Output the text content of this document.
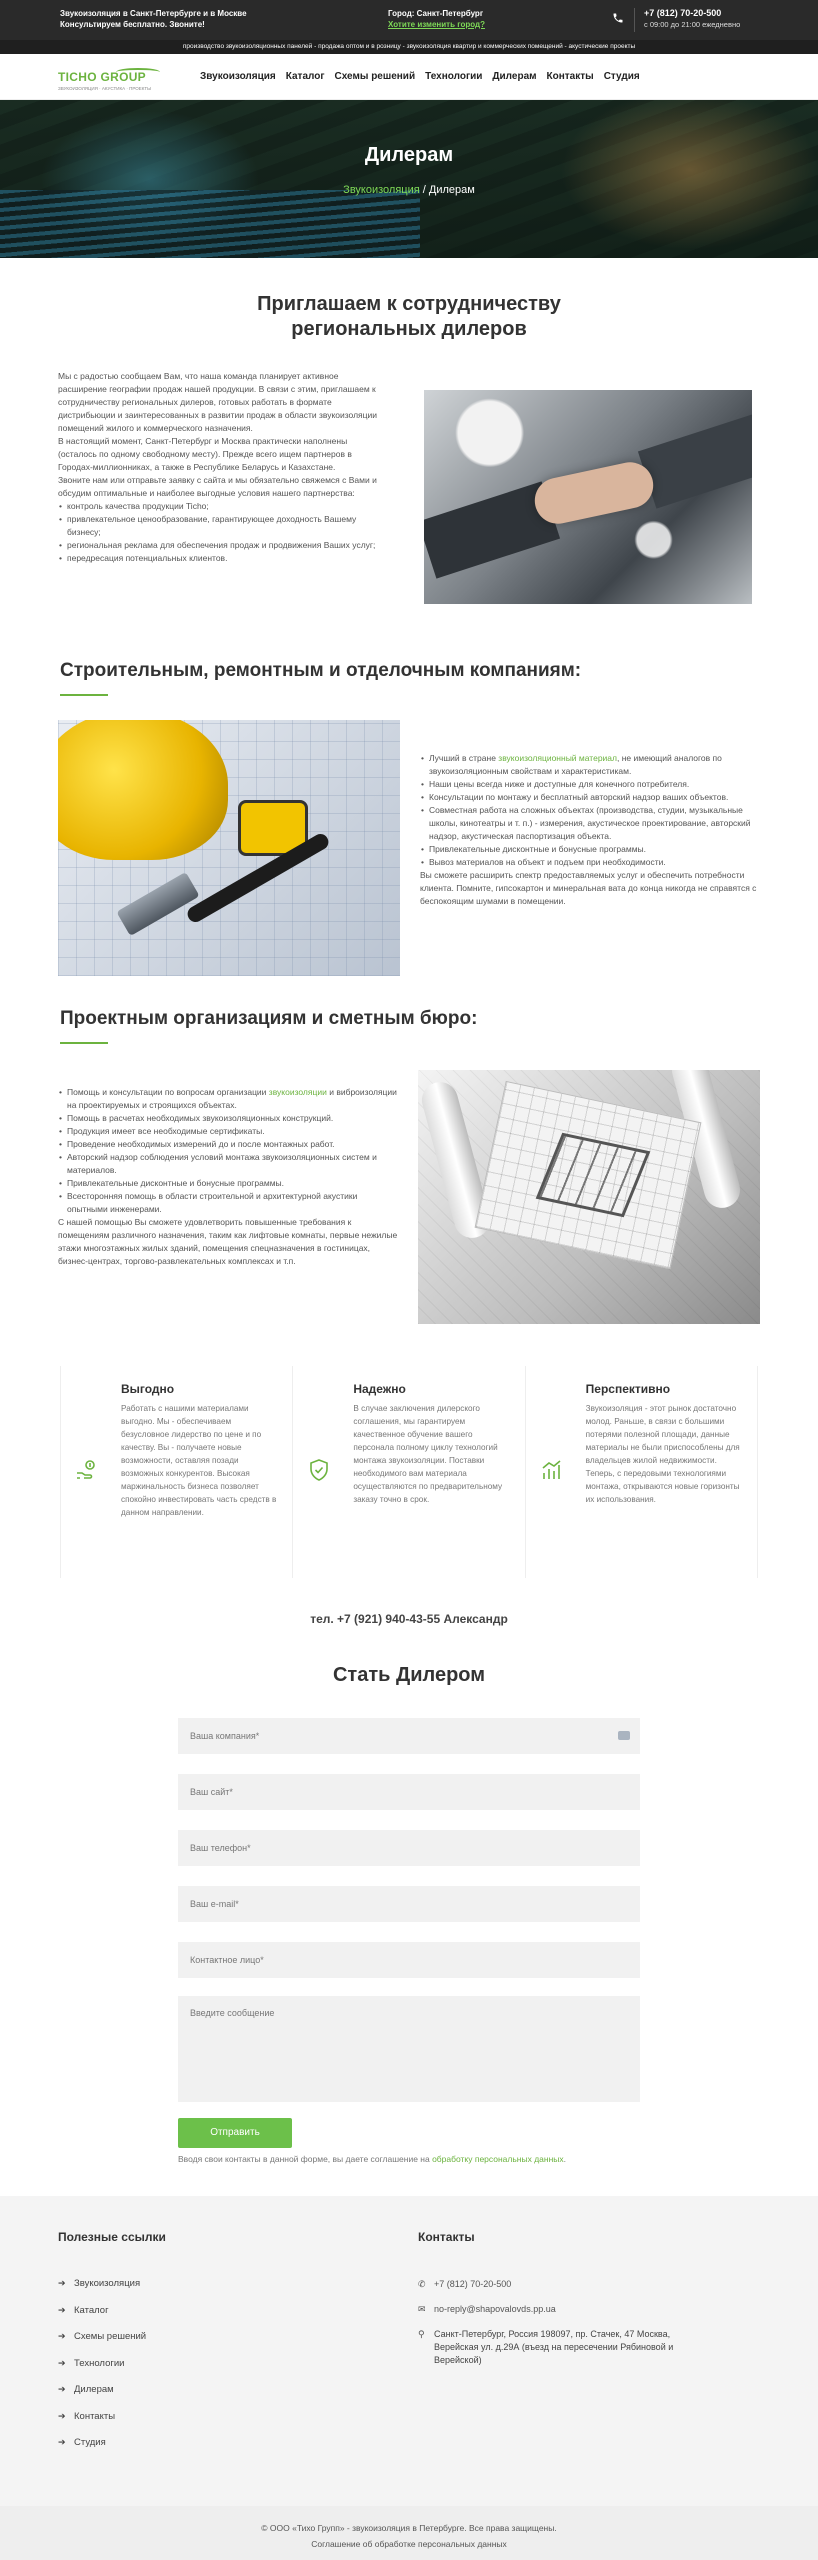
Звукоизоляция в Санкт-Петербурге и в Москве
Консультируем бесплатно. Звоните!
Город: Санкт-Петербург
Хотите изменить город?
+7 (812) 70-20-500
с 09:00 до 21:00 ежедневно
производство звукоизоляционных панелей - продажа оптом и в розницу - звукоизоляция квартир и коммерческих помещений - акустические проекты
TICHO GROUP
ЗВУКОИЗОЛЯЦИЯ · АКУСТИКА · ПРОЕКТЫ
Звукоизоляция Каталог Схемы решений Технологии Дилерам Контакты Студия
Дилерам
Звукоизоляция / Дилерам
Приглашаем к сотрудничеству
региональных дилеров

Мы с радостью сообщаем Вам, что наша команда планирует активное расширение географии продаж нашей продукции. В связи с этим, приглашаем к сотрудничеству региональных дилеров, готовых работать в формате дистрибьюции и заинтересованных в развитии продаж в области звукоизоляции помещений жилого и коммерческого назначения.

В настоящий момент, Санкт-Петербург и Москва практически наполнены (осталось по одному свободному месту). Прежде всего ищем партнеров в Городах-миллионниках, а также в Республике Беларусь и Казахстане.

Звоните нам или отправьте заявку с сайта и мы обязательно свяжемся с Вами и обсудим оптимальные и наиболее выгодные условия нашего партнерства:

• контроль качества продукции Ticho;
• привлекательное ценообразование, гарантирующее доходность Вашему бизнесу;
• региональная реклама для обеспечения продаж и продвижения Ваших услуг;
• передресация потенциальных клиентов.
Строительным, ремонтным и отделочным компаниям:
• Лучший в стране звукоизоляционный материал, не имеющий аналогов по звукоизоляционным свойствам и характеристикам.
• Наши цены всегда ниже и доступные для конечного потребителя.
• Консультации по монтажу и бесплатный авторский надзор ваших объектов.
• Совместная работа на сложных объектах (производства, студии, музыкальные школы, кинотеатры и т. п.) - измерения, акустическое проектирование, авторский надзор, акустическая паспортизация объекта.
• Привлекательные дисконтные и бонусные программы.
• Вывоз материалов на объект и подъем при необходимости.

Вы сможете расширить спектр предоставляемых услуг и обеспечить потребности клиента. Помните, гипсокартон и минеральная вата до конца никогда не справятся с беспокоящим шумами в помещении.

Проектным организациям и сметным бюро:
• Помощь и консультации по вопросам организации звукоизоляции и виброизоляции на проектируемых и строящихся объектах.
• Помощь в расчетах необходимых звукоизоляционных конструкций.
• Продукция имеет все необходимые сертификаты.
• Проведение необходимых измерений до и после монтажных работ.
• Авторский надзор соблюдения условий монтажа звукоизоляционных систем и материалов.
• Привлекательные дисконтные и бонусные программы.
• Всесторонняя помощь в области строительной и архитектурной акустики опытными инженерами.

С нашей помощью Вы сможете удовлетворить повышенные требования к помещениям различного назначения, таким как лифтовые комнаты, первые нежилые этажи многоэтажных жилых зданий, помещения спецназначения в гостиницах, бизнес-центрах, торгово-развлекательных комплексах и т.п.

Выгодно

Работать с нашими материалами выгодно. Мы - обеспечиваем безусловное лидерство по цене и по качеству. Вы - получаете новые возможности, оставляя позади возможных конкурентов. Высокая маржинальность бизнеса позволяет спокойно инвестировать часть средств в данном направлении.

Надежно

В случае заключения дилерского соглашения, мы гарантируем качественное обучение вашего персонала полному циклу технологий монтажа звукоизоляции. Поставки необходимого вам материала осуществляются по предварительному заказу точно в срок.

Перспективно

Звукоизоляция - этот рынок достаточно молод. Раньше, в связи с большими потерями полезной площади, данные материалы не были приспособлены для владельцев жилой недвижимости. Теперь, с передовыми технологиями монтажа, открываются новые горизонты их использования.

тел. +7 (921) 940-43-55 Александр
Стать Дилером
Ваша компания*
Ваш сайт*
Ваш телефон*
Ваш e-mail*
Контактное лицо*
Введите сообщение
Отправить
Вводя свои контакты в данной форме, вы даете соглашение на обработку персональных данных.
Полезные ссылки
➔ Звукоизоляция
➔ Каталог
➔ Схемы решений
➔ Технологии
➔ Дилерам
➔ Контакты
➔ Студия
Контакты
✆ +7 (812) 70-20-500
✉ no-reply@shapovalovds.pp.ua
⚲ Санкт-Петербург, Россия 198097, пр. Стачек, 47 Москва, Верейская ул. д.29А (въезд на пересечении Рябиновой и Верейской)
© ООО «Тихо Групп» - звукоизоляция в Петербурге. Все права защищены.
Соглашение об обработке персональных данных
